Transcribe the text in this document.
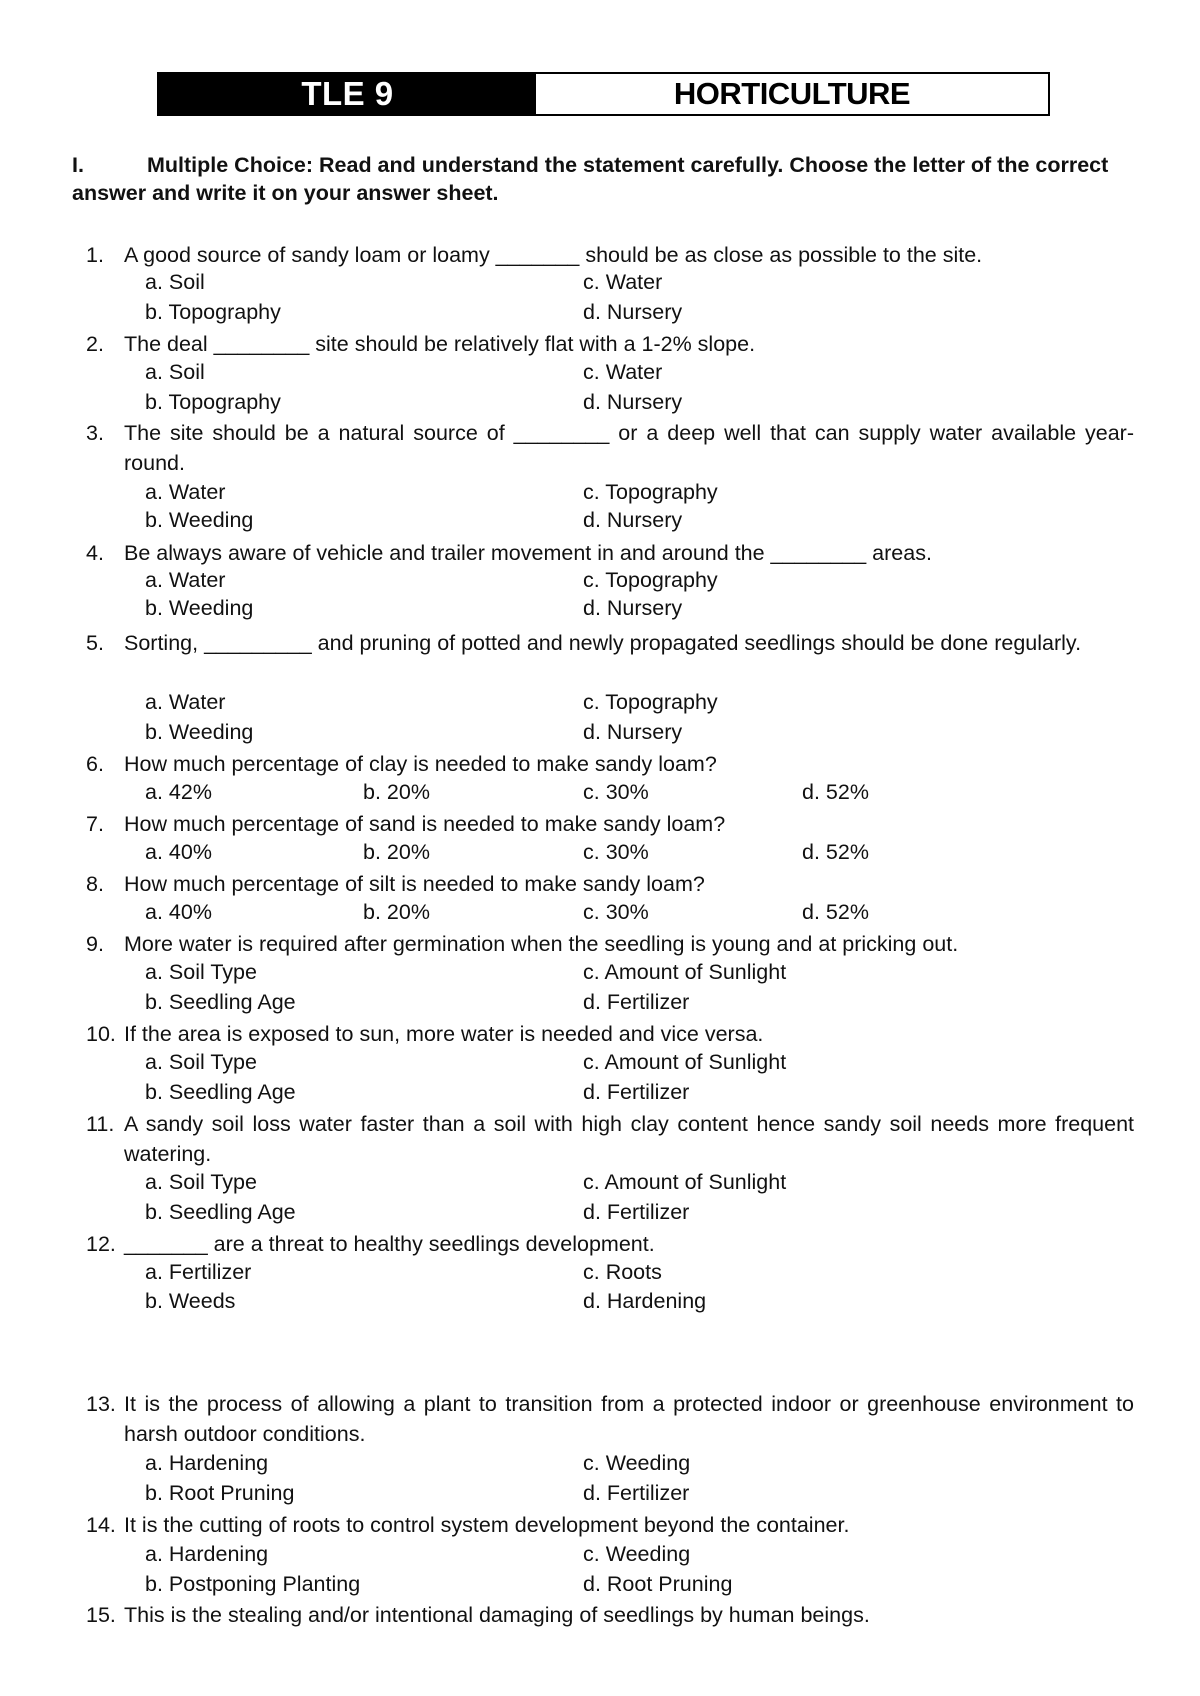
TLE 9	HORTICULTURE
I.	Multiple Choice: Read and understand the statement carefully. Choose the letter of the correct answer and write it on your answer sheet.
1. A good source of sandy loam or loamy _______ should be as close as possible to the site.
a. Soil
b. Topography
c. Water
d. Nursery
2. The deal ________ site should be relatively flat with a 1-2% slope.
a. Soil
b. Topography
c. Water
d. Nursery
3. The site should be a natural source of ________ or a deep well that can supply water available year-round.
a. Water
b. Weeding
c. Topography
d. Nursery
4. Be always aware of vehicle and trailer movement in and around the ________ areas.
a. Water
b. Weeding
c. Topography
d. Nursery
5. Sorting, _________ and pruning of potted and newly propagated seedlings should be done regularly.
a. Water
b. Weeding
c. Topography
d. Nursery
6. How much percentage of clay is needed to make sandy loam?
a. 42%	b. 20%	c. 30%	d. 52%
7. How much percentage of sand is needed to make sandy loam?
a. 40%	b. 20%	c. 30%	d. 52%
8. How much percentage of silt is needed to make sandy loam?
a. 40%	b. 20%	c. 30%	d. 52%
9. More water is required after germination when the seedling is young and at pricking out.
a. Soil Type
b. Seedling Age
c. Amount of Sunlight
d. Fertilizer
10. If the area is exposed to sun, more water is needed and vice versa.
a. Soil Type
b. Seedling Age
c. Amount of Sunlight
d. Fertilizer
11. A sandy soil loss water faster than a soil with high clay content hence sandy soil needs more frequent watering.
a. Soil Type
b. Seedling Age
c. Amount of Sunlight
d. Fertilizer
12. _______ are a threat to healthy seedlings development.
a. Fertilizer
b. Weeds
c. Roots
d. Hardening
13. It is the process of allowing a plant to transition from a protected indoor or greenhouse environment to harsh outdoor conditions.
a. Hardening
b. Root Pruning
c. Weeding
d. Fertilizer
14. It is the cutting of roots to control system development beyond the container.
a. Hardening
b. Postponing Planting
c. Weeding
d. Root Pruning
15. This is the stealing and/or intentional damaging of seedlings by human beings.
